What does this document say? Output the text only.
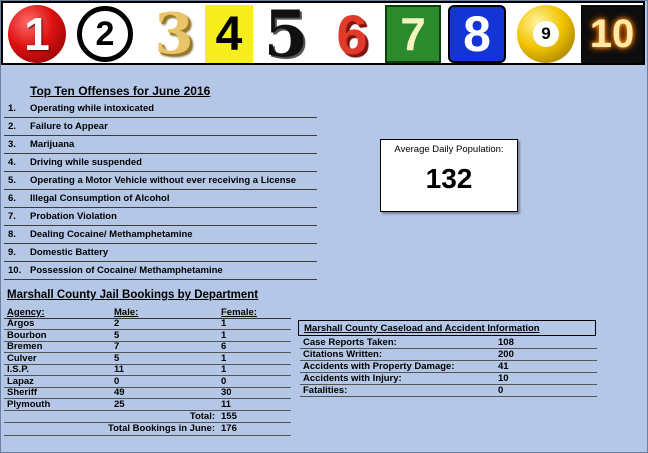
1	2 3 4 5 6 7 8	9 10
Top Ten Offenses for June 2016
1.	Operating while intoxicated
2.	Failure to Appear
3.	Marijuana
4.	Driving while suspended
5.	Operating a Motor Vehicle without ever receiving a License
6.	Illegal Consumption of Alcohol
7.	Probation Violation
8.	Dealing Cocaine/ Methamphetamine
9.	Domestic Battery
10. Possession of Cocaine/ Methamphetamine
Average Daily Population:
132
Marshall County Jail Bookings by Department
Agency:	Male:	Female:
Argos	2	1
Bourbon	5	1
Bremen	7	6
Culver	5	1
I.S.P.	11	1
Lapaz	0	0
Sheriff	49	30
Plymouth	25	11
Total: 155
Total Bookings in June: 176
Marshall County Caseload and Accident Information
Case Reports Taken:	108
Citations Written:	200
Accidents with Property Damage:	41
Accidents with Injury:	10
Fatalities:	0
